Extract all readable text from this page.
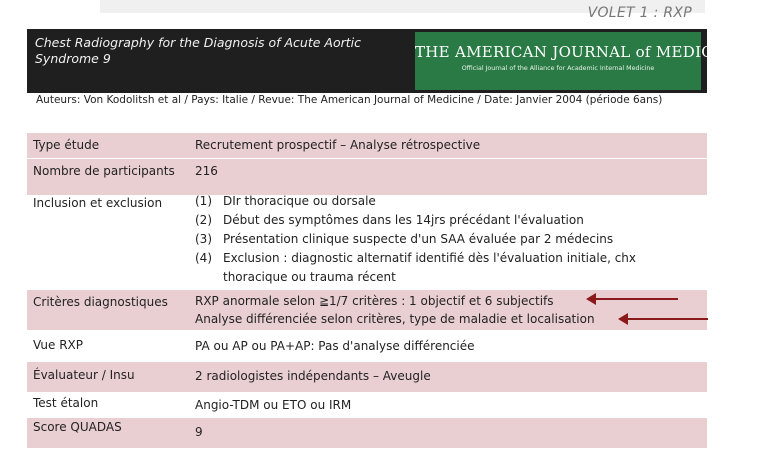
VOLET 1 : RXP
Chest Radiography for the Diagnosis of Acute Aortic Syndrome 9	THE AMERICAN JOURNAL of MEDICINE®
Official Journal of the Alliance for Academic Internal Medicine
Auteurs: Von Kodolitsh et al / Pays: Italie / Revue: The American Journal of Medicine / Date: Janvier 2004 (période 6ans)
Type étude	Recrutement prospectif – Analyse rétrospective
Nombre de participants	216
Inclusion et exclusion	(1) DIr thoracique ou dorsale
(2) Début des symptômes dans les 14jrs précédant l'évaluation
(3) Présentation clinique suspecte d'un SAA évaluée par 2 médecins
(4) Exclusion : diagnostic alternatif identifié dès l'évaluation initiale, chx thoracique ou trauma récent
Critères diagnostiques	RXP anormale selon ≧1/7 critères : 1 objectif et 6 subjectifs
Analyse différenciée selon critères, type de maladie et localisation
Vue RXP	PA ou AP ou PA+AP: Pas d'analyse différenciée
Évaluateur / Insu	2 radiologistes indépendants – Aveugle
Test étalon	Angio-TDM ou ETO ou IRM
Score QUADAS	9
